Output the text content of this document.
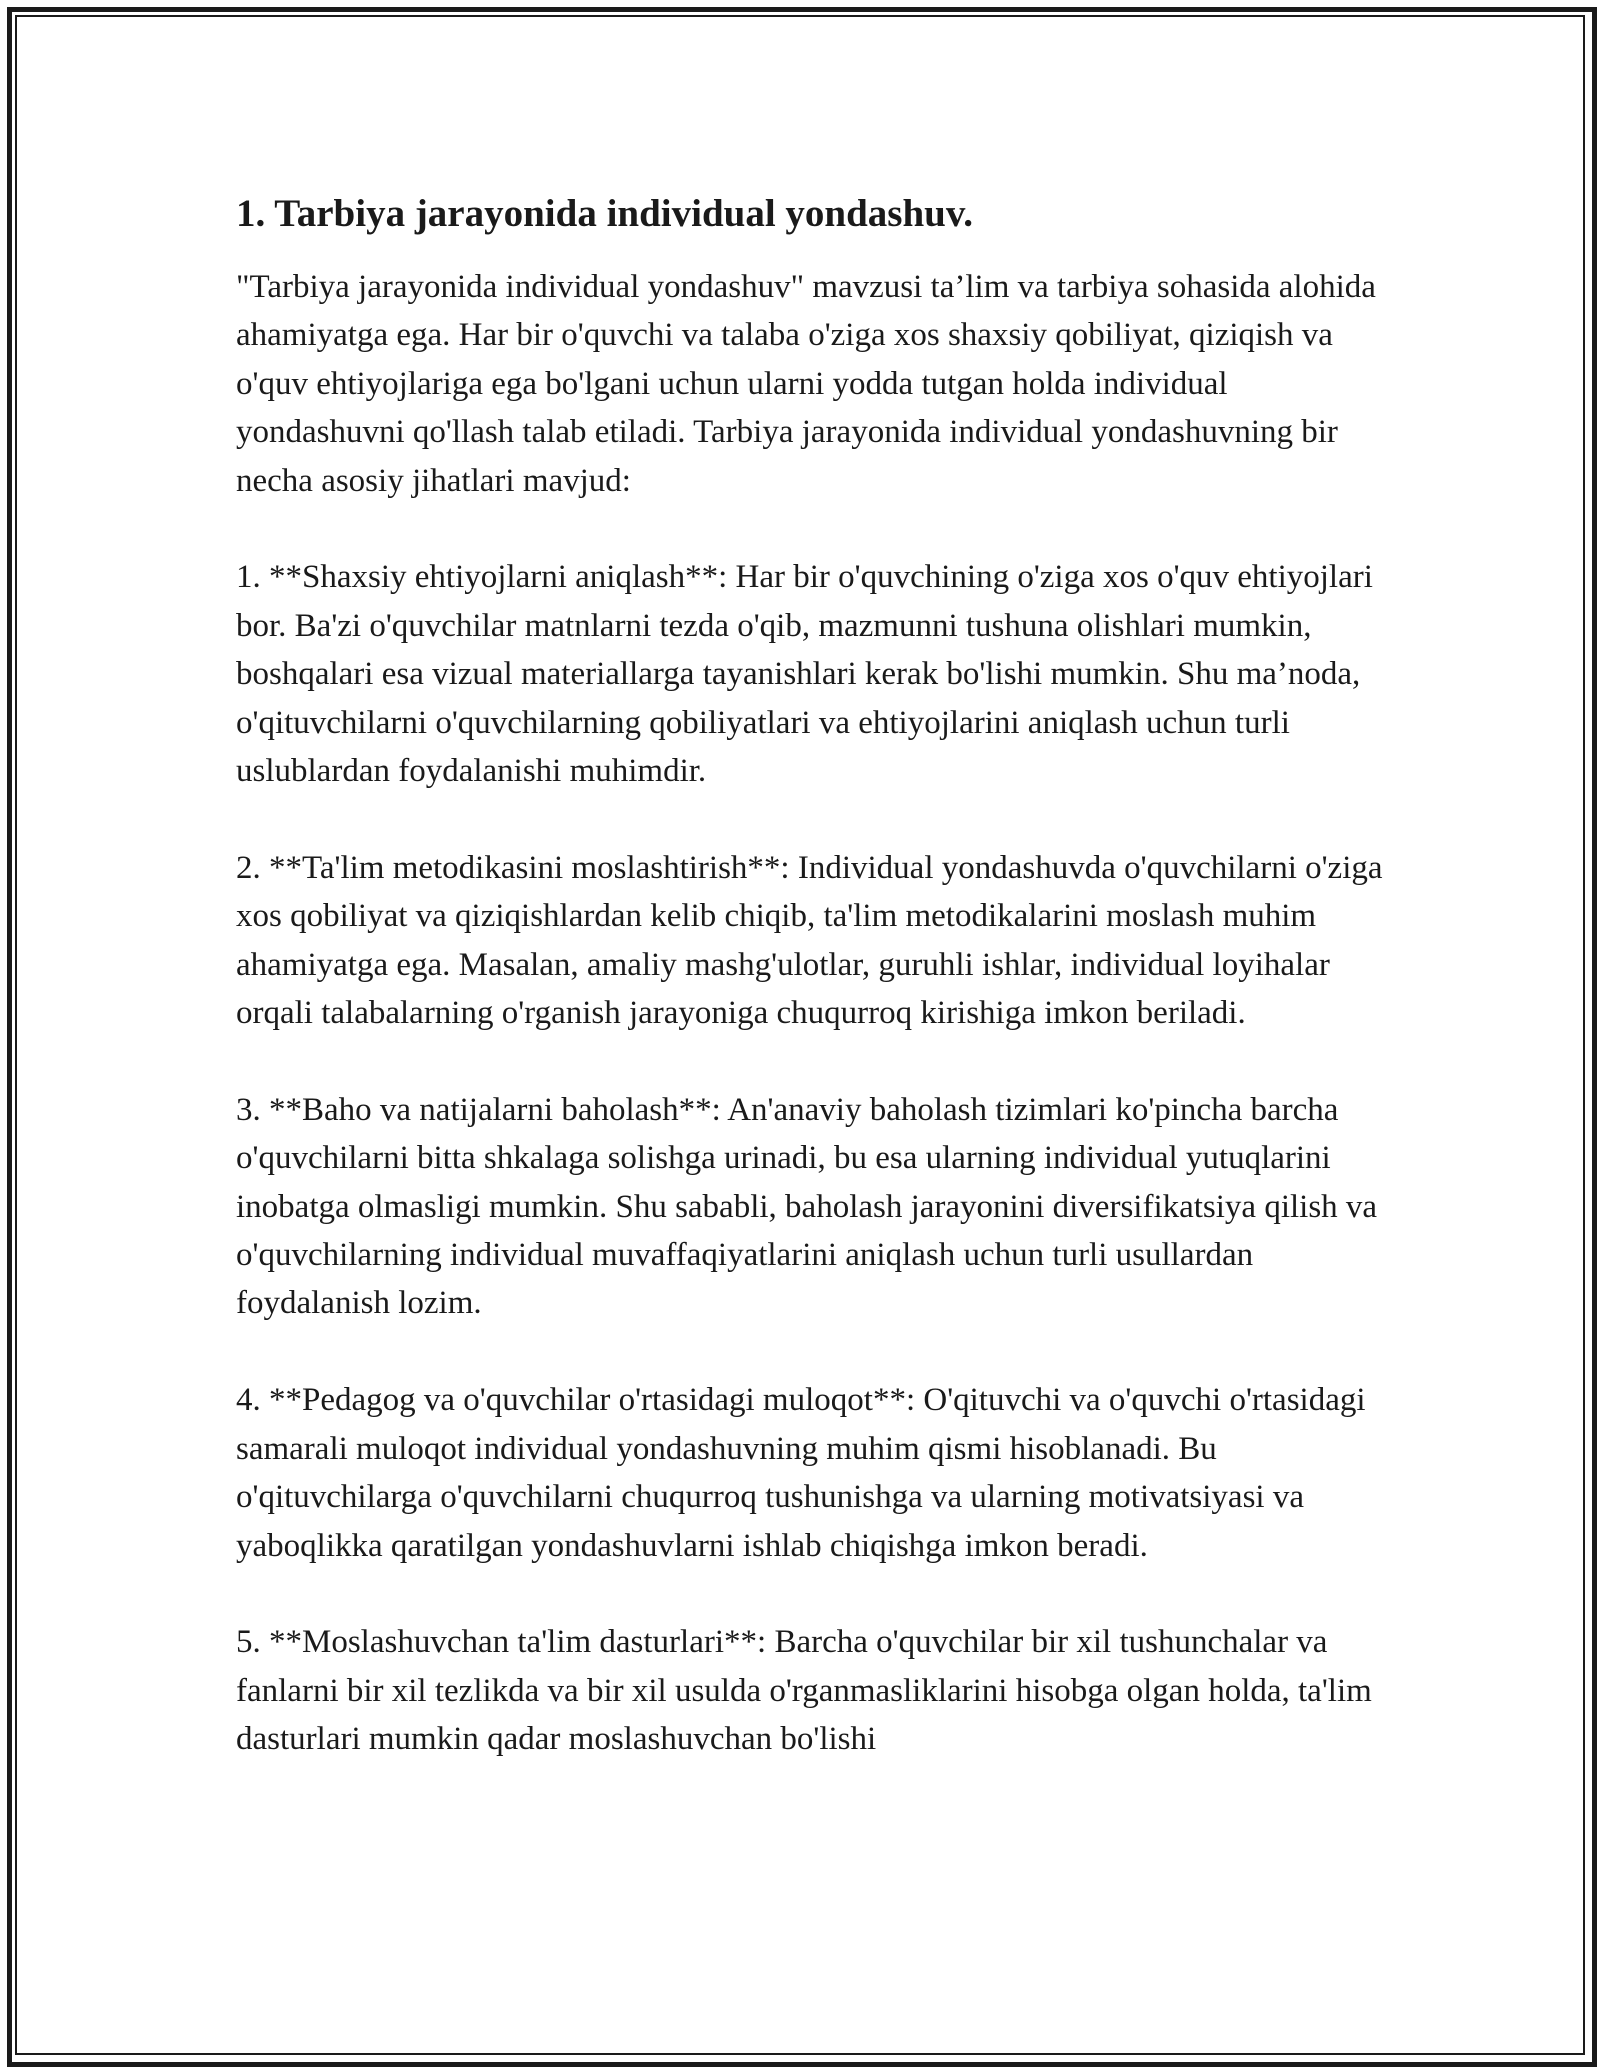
1. Tarbiya jarayonida individual yondashuv.

"Tarbiya jarayonida individual yondashuv" mavzusi ta’lim va tarbiya sohasida alohida ahamiyatga ega. Har bir o'quvchi va talaba o'ziga xos shaxsiy qobiliyat, qiziqish va o'quv ehtiyojlariga ega bo'lgani uchun ularni yodda tutgan holda individual yondashuvni qo'llash talab etiladi. Tarbiya jarayonida individual yondashuvning bir necha asosiy jihatlari mavjud:

1. **Shaxsiy ehtiyojlarni aniqlash**: Har bir o'quvchining o'ziga xos o'quv ehtiyojlari bor. Ba'zi o'quvchilar matnlarni tezda o'qib, mazmunni tushuna olishlari mumkin, boshqalari esa vizual materiallarga tayanishlari kerak bo'lishi mumkin. Shu ma’noda, o'qituvchilarni o'quvchilarning qobiliyatlari va ehtiyojlarini aniqlash uchun turli uslublardan foydalanishi muhimdir.

2. **Ta'lim metodikasini moslashtirish**: Individual yondashuvda o'quvchilarni o'ziga xos qobiliyat va qiziqishlardan kelib chiqib, ta'lim metodikalarini moslash muhim ahamiyatga ega. Masalan, amaliy mashg'ulotlar, guruhli ishlar, individual loyihalar orqali talabalarning o'rganish jarayoniga chuqurroq kirishiga imkon beriladi.

3. **Baho va natijalarni baholash**: An'anaviy baholash tizimlari ko'pincha barcha o'quvchilarni bitta shkalaga solishga urinadi, bu esa ularning individual yutuqlarini inobatga olmasligi mumkin. Shu sababli, baholash jarayonini diversifikatsiya qilish va o'quvchilarning individual muvaffaqiyatlarini aniqlash uchun turli usullardan foydalanish lozim.

4. **Pedagog va o'quvchilar o'rtasidagi muloqot**: O'qituvchi va o'quvchi o'rtasidagi samarali muloqot individual yondashuvning muhim qismi hisoblanadi. Bu o'qituvchilarga o'quvchilarni chuqurroq tushunishga va ularning motivatsiyasi va yaboqlikka qaratilgan yondashuvlarni ishlab chiqishga imkon beradi.

5. **Moslashuvchan ta'lim dasturlari**: Barcha o'quvchilar bir xil tushunchalar va fanlarni bir xil tezlikda va bir xil usulda o'rganmasliklarini hisobga olgan holda, ta'lim dasturlari mumkin qadar moslashuvchan bo'lishi
